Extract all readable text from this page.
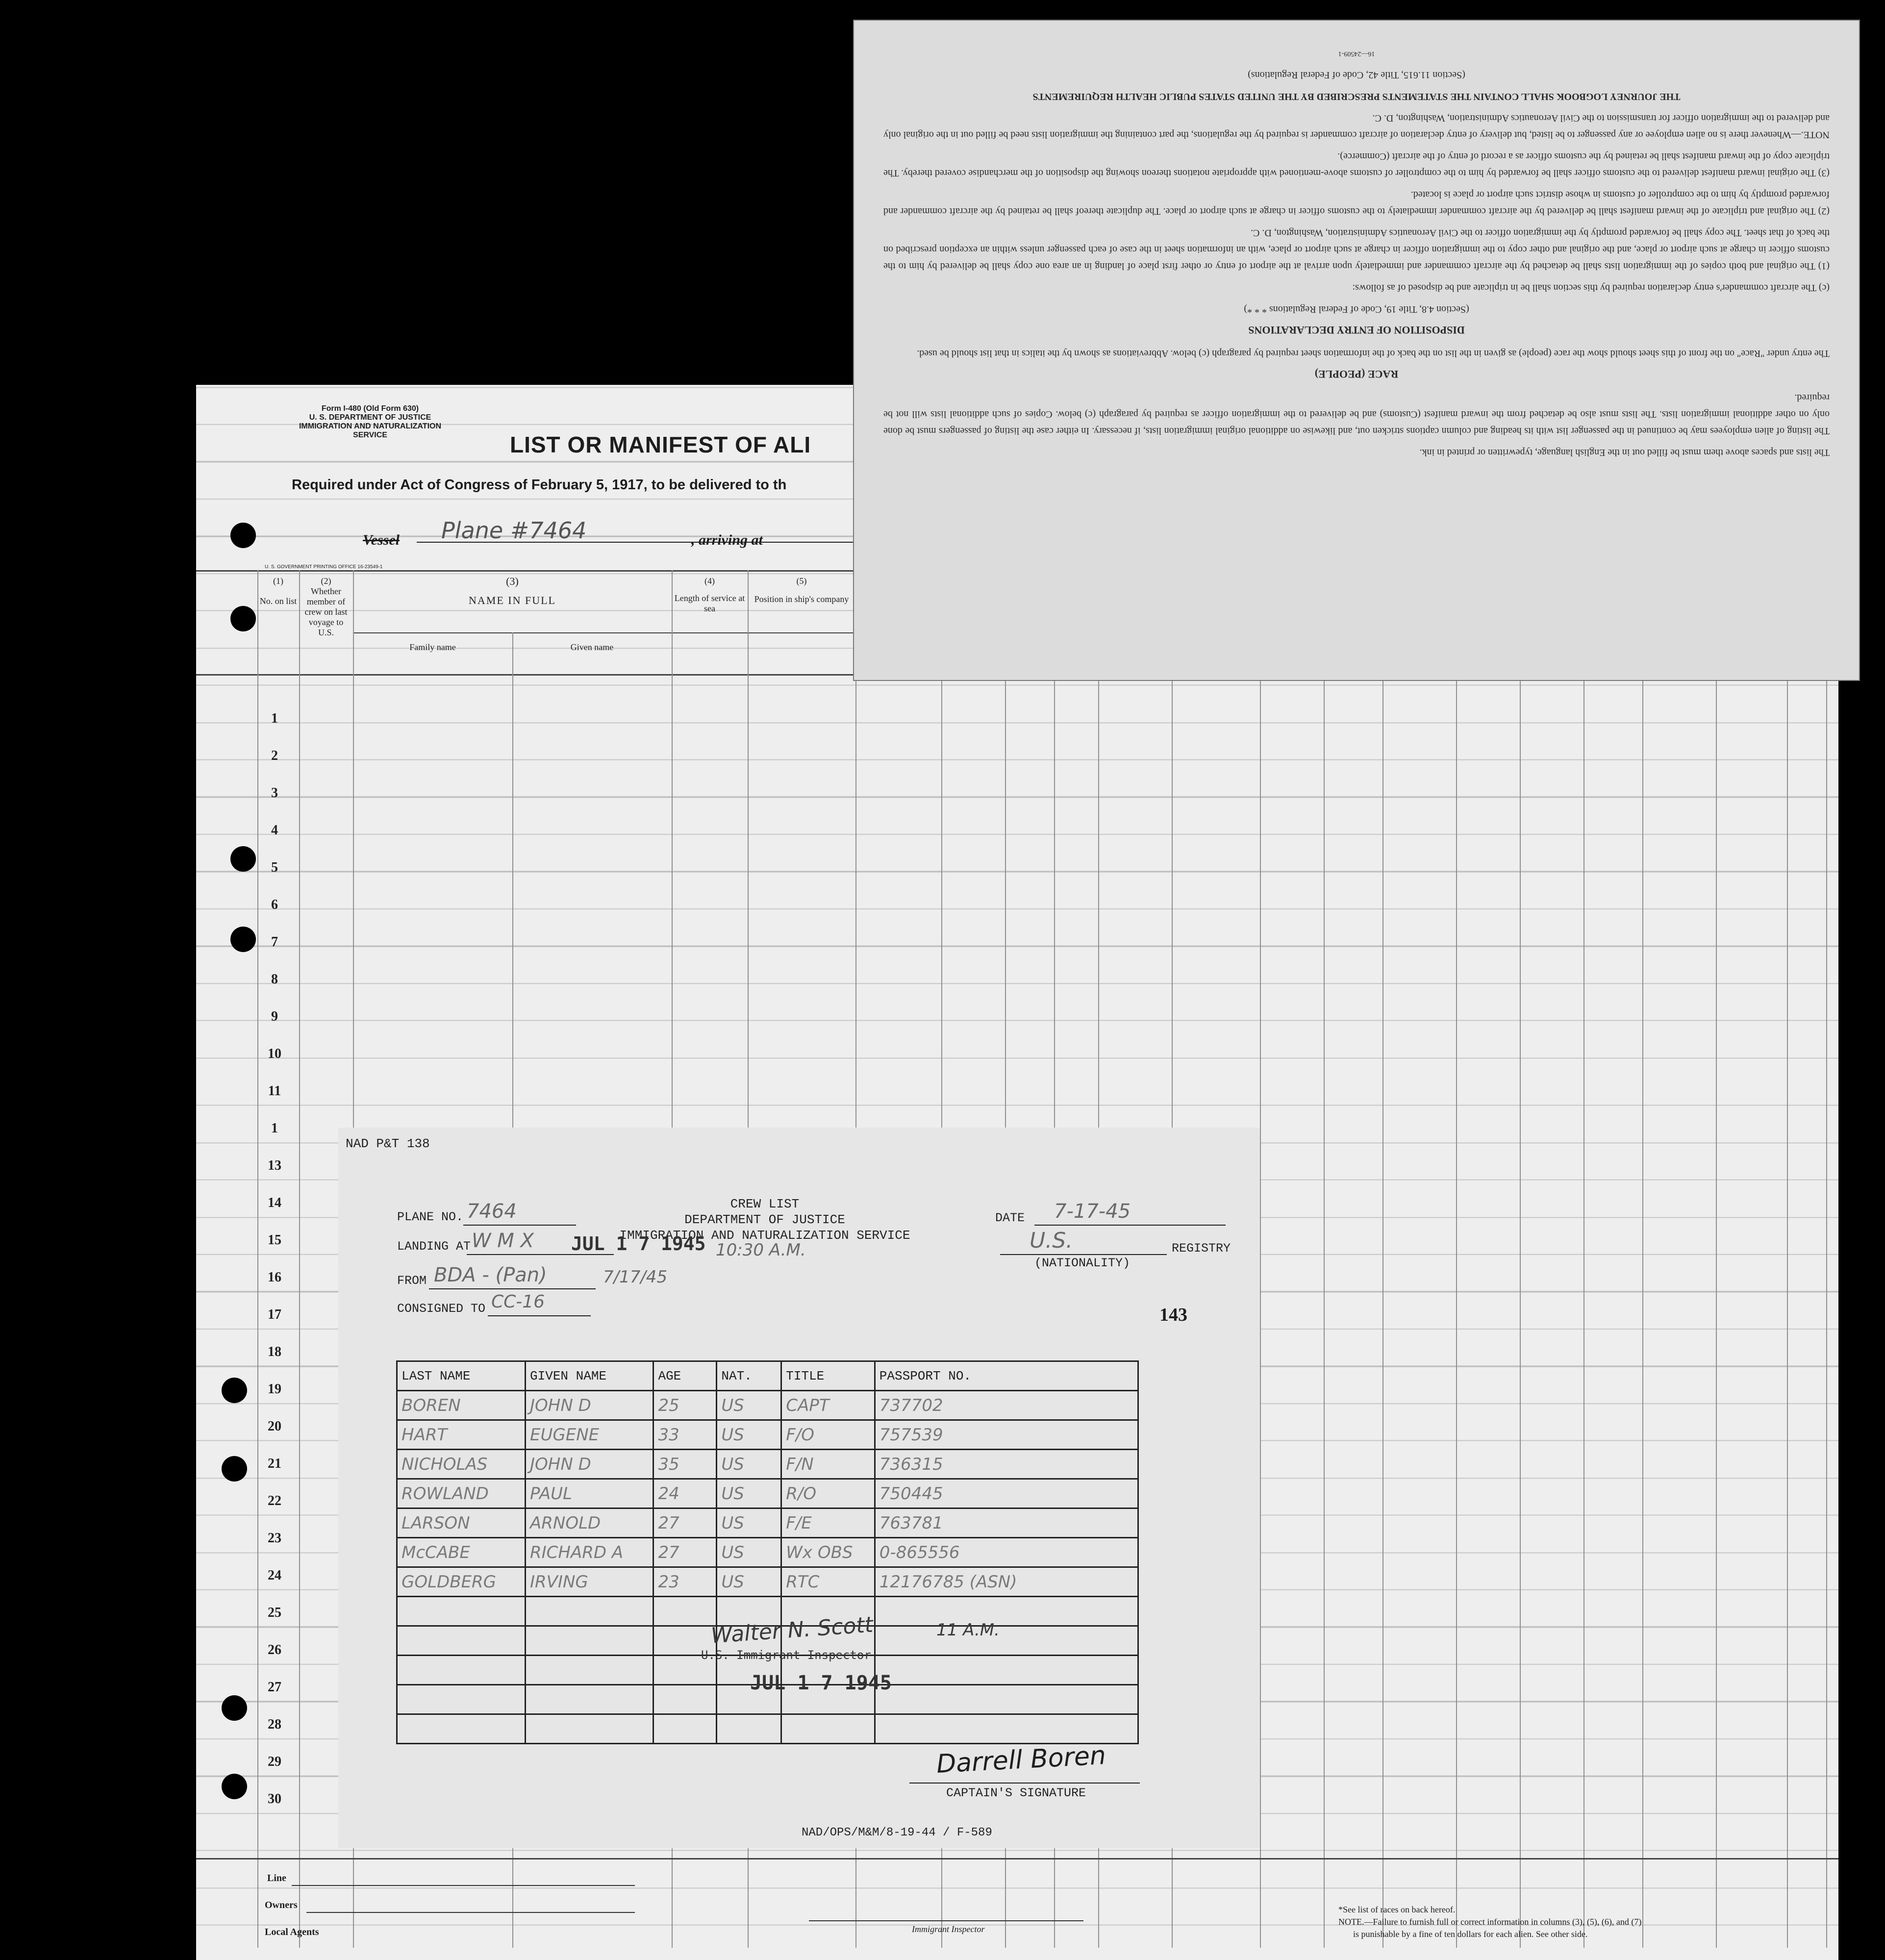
Form I-480 (Old Form 630)
U. S. DEPARTMENT OF JUSTICE
IMMIGRATION AND NATURALIZATION SERVICE	LIST OR MANIFEST OF ALI
Required under Act of Congress of February 5, 1917, to be delivered to th
Vessel Plane #7464	, arriving at
U. S. GOVERNMENT PRINTING OFFICE 16-23549-1
(1)
No. on list
(2)
Whether member of crew on last voyage to U.S.
(3)
NAME IN FULL
Family name	Given name
(4)
Length of service at sea
(5)
Position in ship's company
1
2
3
4
5
6
7
8
9
10
11
1
13
14
15
16
17
18
19
20
21
22
23
24
25
26
27
28
29
30
Line
Owners
Local Agents	Immigrant Inspector
*See list of races on back hereof.
NOTE.—Failure to furnish full or correct information in columns (3), (5), (6), and (7)
is punishable by a fine of ten dollars for each alien. See other side.

The lists and spaces above them must be filled out in the English language, typewritten or printed in ink.

The listing of alien employees may be continued in the passenger list with its heading and column captions stricken out, and likewise on additional original immigration lists, if necessary. In either case the listing of passengers must be done only on other additional immigration lists. The lists must also be detached from the inward manifest (Customs) and be delivered to the immigration officer as required by paragraph (c) below. Copies of such additional lists will not be required.

RACE (PEOPLE)

The entry under "Race" on the front of this sheet should show the race (people) as given in the list on the back of the information sheet required by paragraph (c) below. Abbreviations as shown by the italics in that list should be used.

DISPOSITION OF ENTRY DECLARATIONS

(Section 4.8, Title 19, Code of Federal Regulations * * *)

(c) The aircraft commander's entry declaration required by this section shall be in triplicate and be disposed of as follows:

(1) The original and both copies of the immigration lists shall be detached by the aircraft commander and immediately upon arrival at the airport of entry or other first place of landing in an area one copy shall be delivered by him to the customs officer in charge at such airport or place, and the original and other copy to the immigration officer in charge at such airport or place, with an information sheet in the case of each passenger unless within an exception prescribed on the back of that sheet. The copy shall be forwarded promptly by the immigration officer to the Civil Aeronautics Administration, Washington, D. C.

(2) The original and triplicate of the inward manifest shall be delivered by the aircraft commander immediately to the customs officer in charge at such airport or place. The duplicate thereof shall be retained by the aircraft commander and forwarded promptly by him to the comptroller of customs in whose district such airport or place is located.

(3) The original inward manifest delivered to the customs officer shall be forwarded by him to the comptroller of customs above-mentioned with appropriate notations thereon showing the disposition of the merchandise covered thereby. The triplicate copy of the inward manifest shall be retained by the customs officer as a record of entry of the aircraft (Commerce).

NOTE.—Whenever there is no alien employee or any passenger to be listed, but delivery of entry declaration of aircraft commander is required by the regulations, the part containing the immigration lists need be filled out in the original only and delivered to the immigration officer for transmission to the Civil Aeronautics Administration, Washington, D. C.

THE JOURNEY LOGBOOK SHALL CONTAIN THE STATEMENTS PRESCRIBED BY THE UNITED STATES PUBLIC HEALTH REQUIREMENTS

(Section 11.615, Title 42, Code of Federal Regulations)

16—24509-1

NAD P&T 138
CREW LIST
DEPARTMENT OF JUSTICE
IMMIGRATION AND NATURALIZATION SERVICE
PLANE NO. 7464
LANDING AT W M X JUL 1 7 1945 10:30 A.M.
FROM BDA - (Pan)	7/17/45
CONSIGNED TO CC-16
DATE 7-17-45
U.S.
(NATIONALITY)
REGISTRY
143
LAST NAME	GIVEN NAME	AGE	NAT.	TITLE	PASSPORT NO.
BOREN	JOHN D	25	US	CAPT	737702
HART	EUGENE	33	US	F/O	757539
NICHOLAS	JOHN D	35	US	F/N	736315
ROWLAND	PAUL	24	US	R/O	750445
LARSON	ARNOLD	27	US	F/E	763781
McCABE	RICHARD A	27	US	Wx OBS	0-865556
GOLDBERG	IRVING	23	US	RTC	12176785 (ASN)

Walter N. Scott	11 A.M.
U.S. Immigrant Inspector
JUL 1 7 1945
Darrell Boren
CAPTAIN'S SIGNATURE
NAD/OPS/M&M/8-19-44 / F-589
